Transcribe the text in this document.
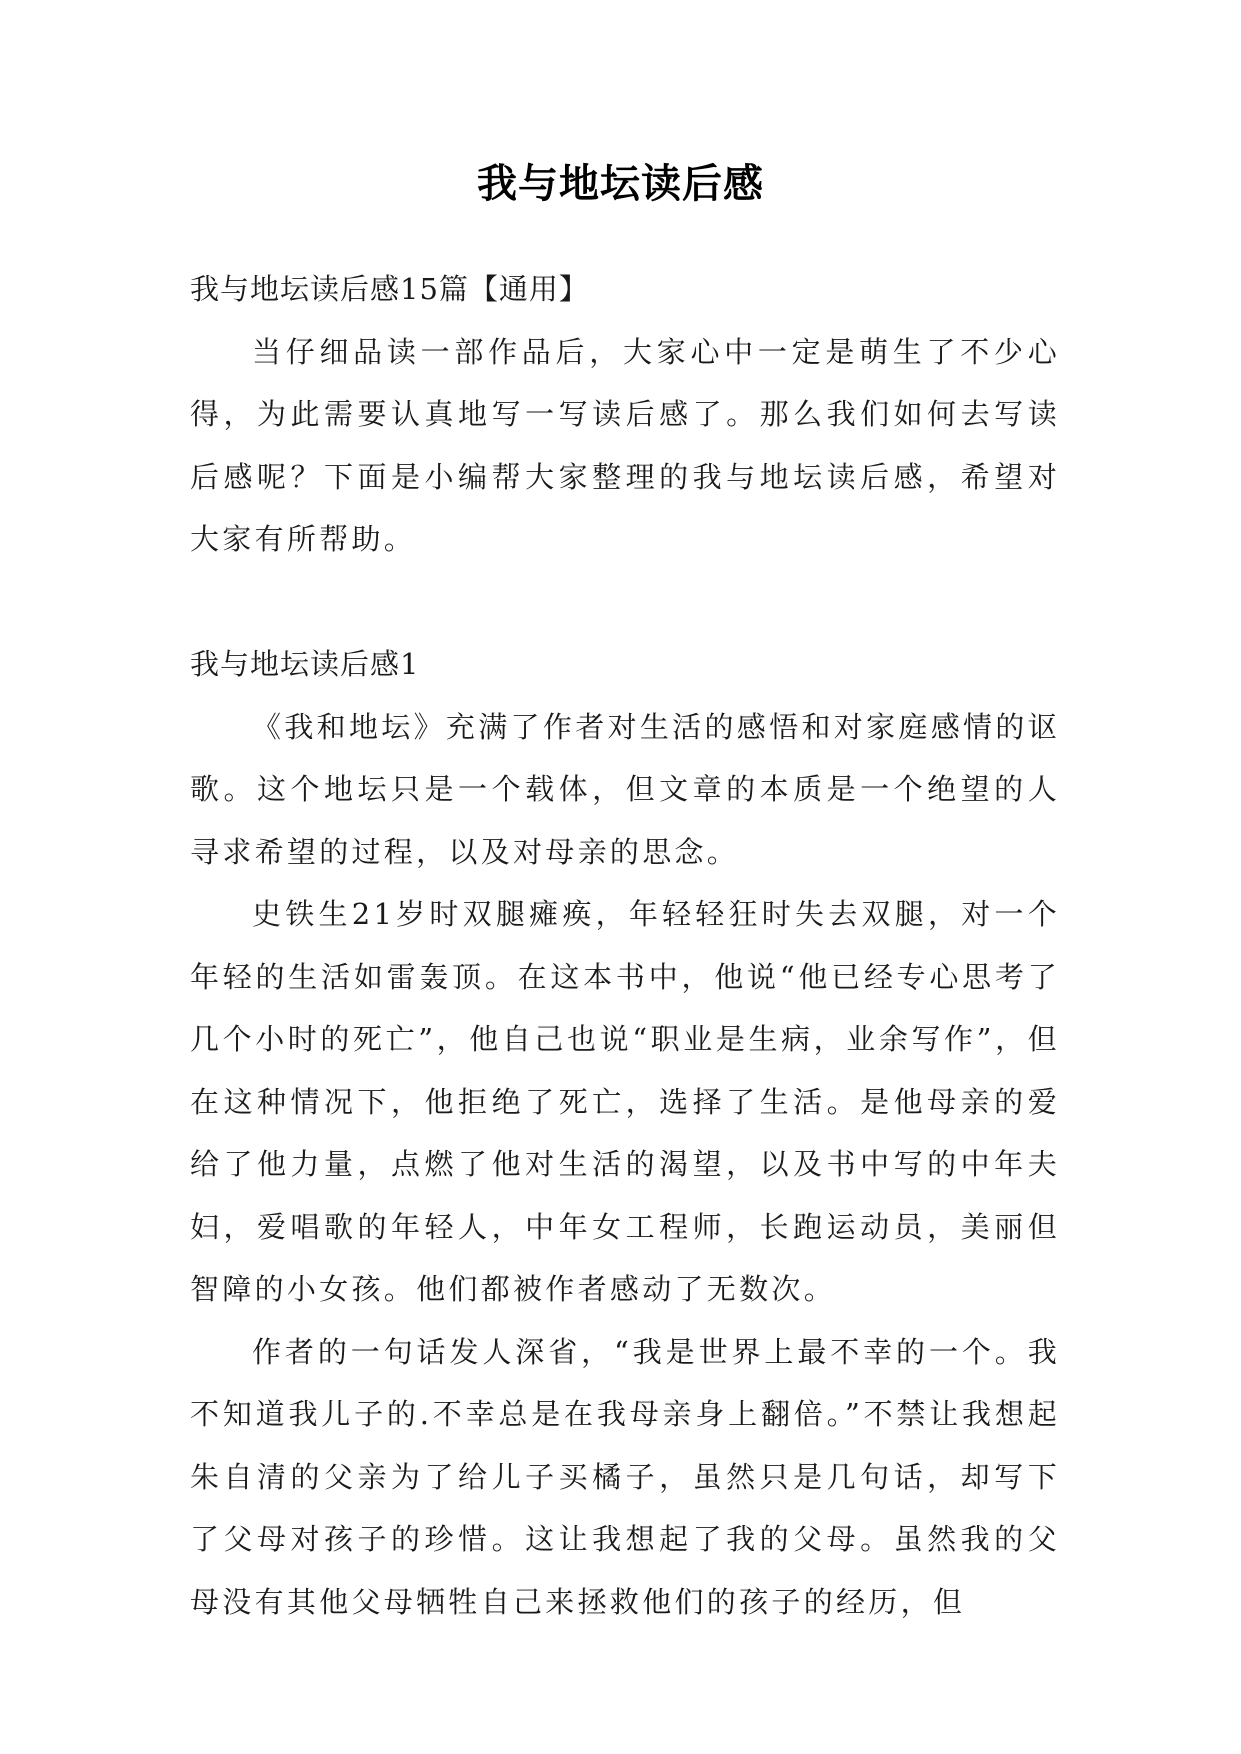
我与地坛读后感

我与地坛读后感15篇【通用】

当仔细品读一部作品后，大家心中一定是萌生了不少心得，为此需要认真地写一写读后感了。那么我们如何去写读后感呢？下面是小编帮大家整理的我与地坛读后感，希望对大家有所帮助。

我与地坛读后感1

《我和地坛》充满了作者对生活的感悟和对家庭感情的讴歌。这个地坛只是一个载体，但文章的本质是一个绝望的人寻求希望的过程，以及对母亲的思念。

史铁生21岁时双腿瘫痪，年轻轻狂时失去双腿，对一个年轻的生活如雷轰顶。在这本书中，他说“他已经专心思考了几个小时的死亡”，他自己也说“职业是生病，业余写作”，但在这种情况下，他拒绝了死亡，选择了生活。是他母亲的爱给了他力量，点燃了他对生活的渴望，以及书中写的中年夫妇，爱唱歌的年轻人，中年女工程师，长跑运动员，美丽但智障的小女孩。他们都被作者感动了无数次。

作者的一句话发人深省，“我是世界上最不幸的一个。我不知道我儿子的.不幸总是在我母亲身上翻倍。”不禁让我想起朱自清的父亲为了给儿子买橘子，虽然只是几句话，却写下了父母对孩子的珍惜。这让我想起了我的父母。虽然我的父母没有其他父母牺牲自己来拯救他们的孩子的经历，但
